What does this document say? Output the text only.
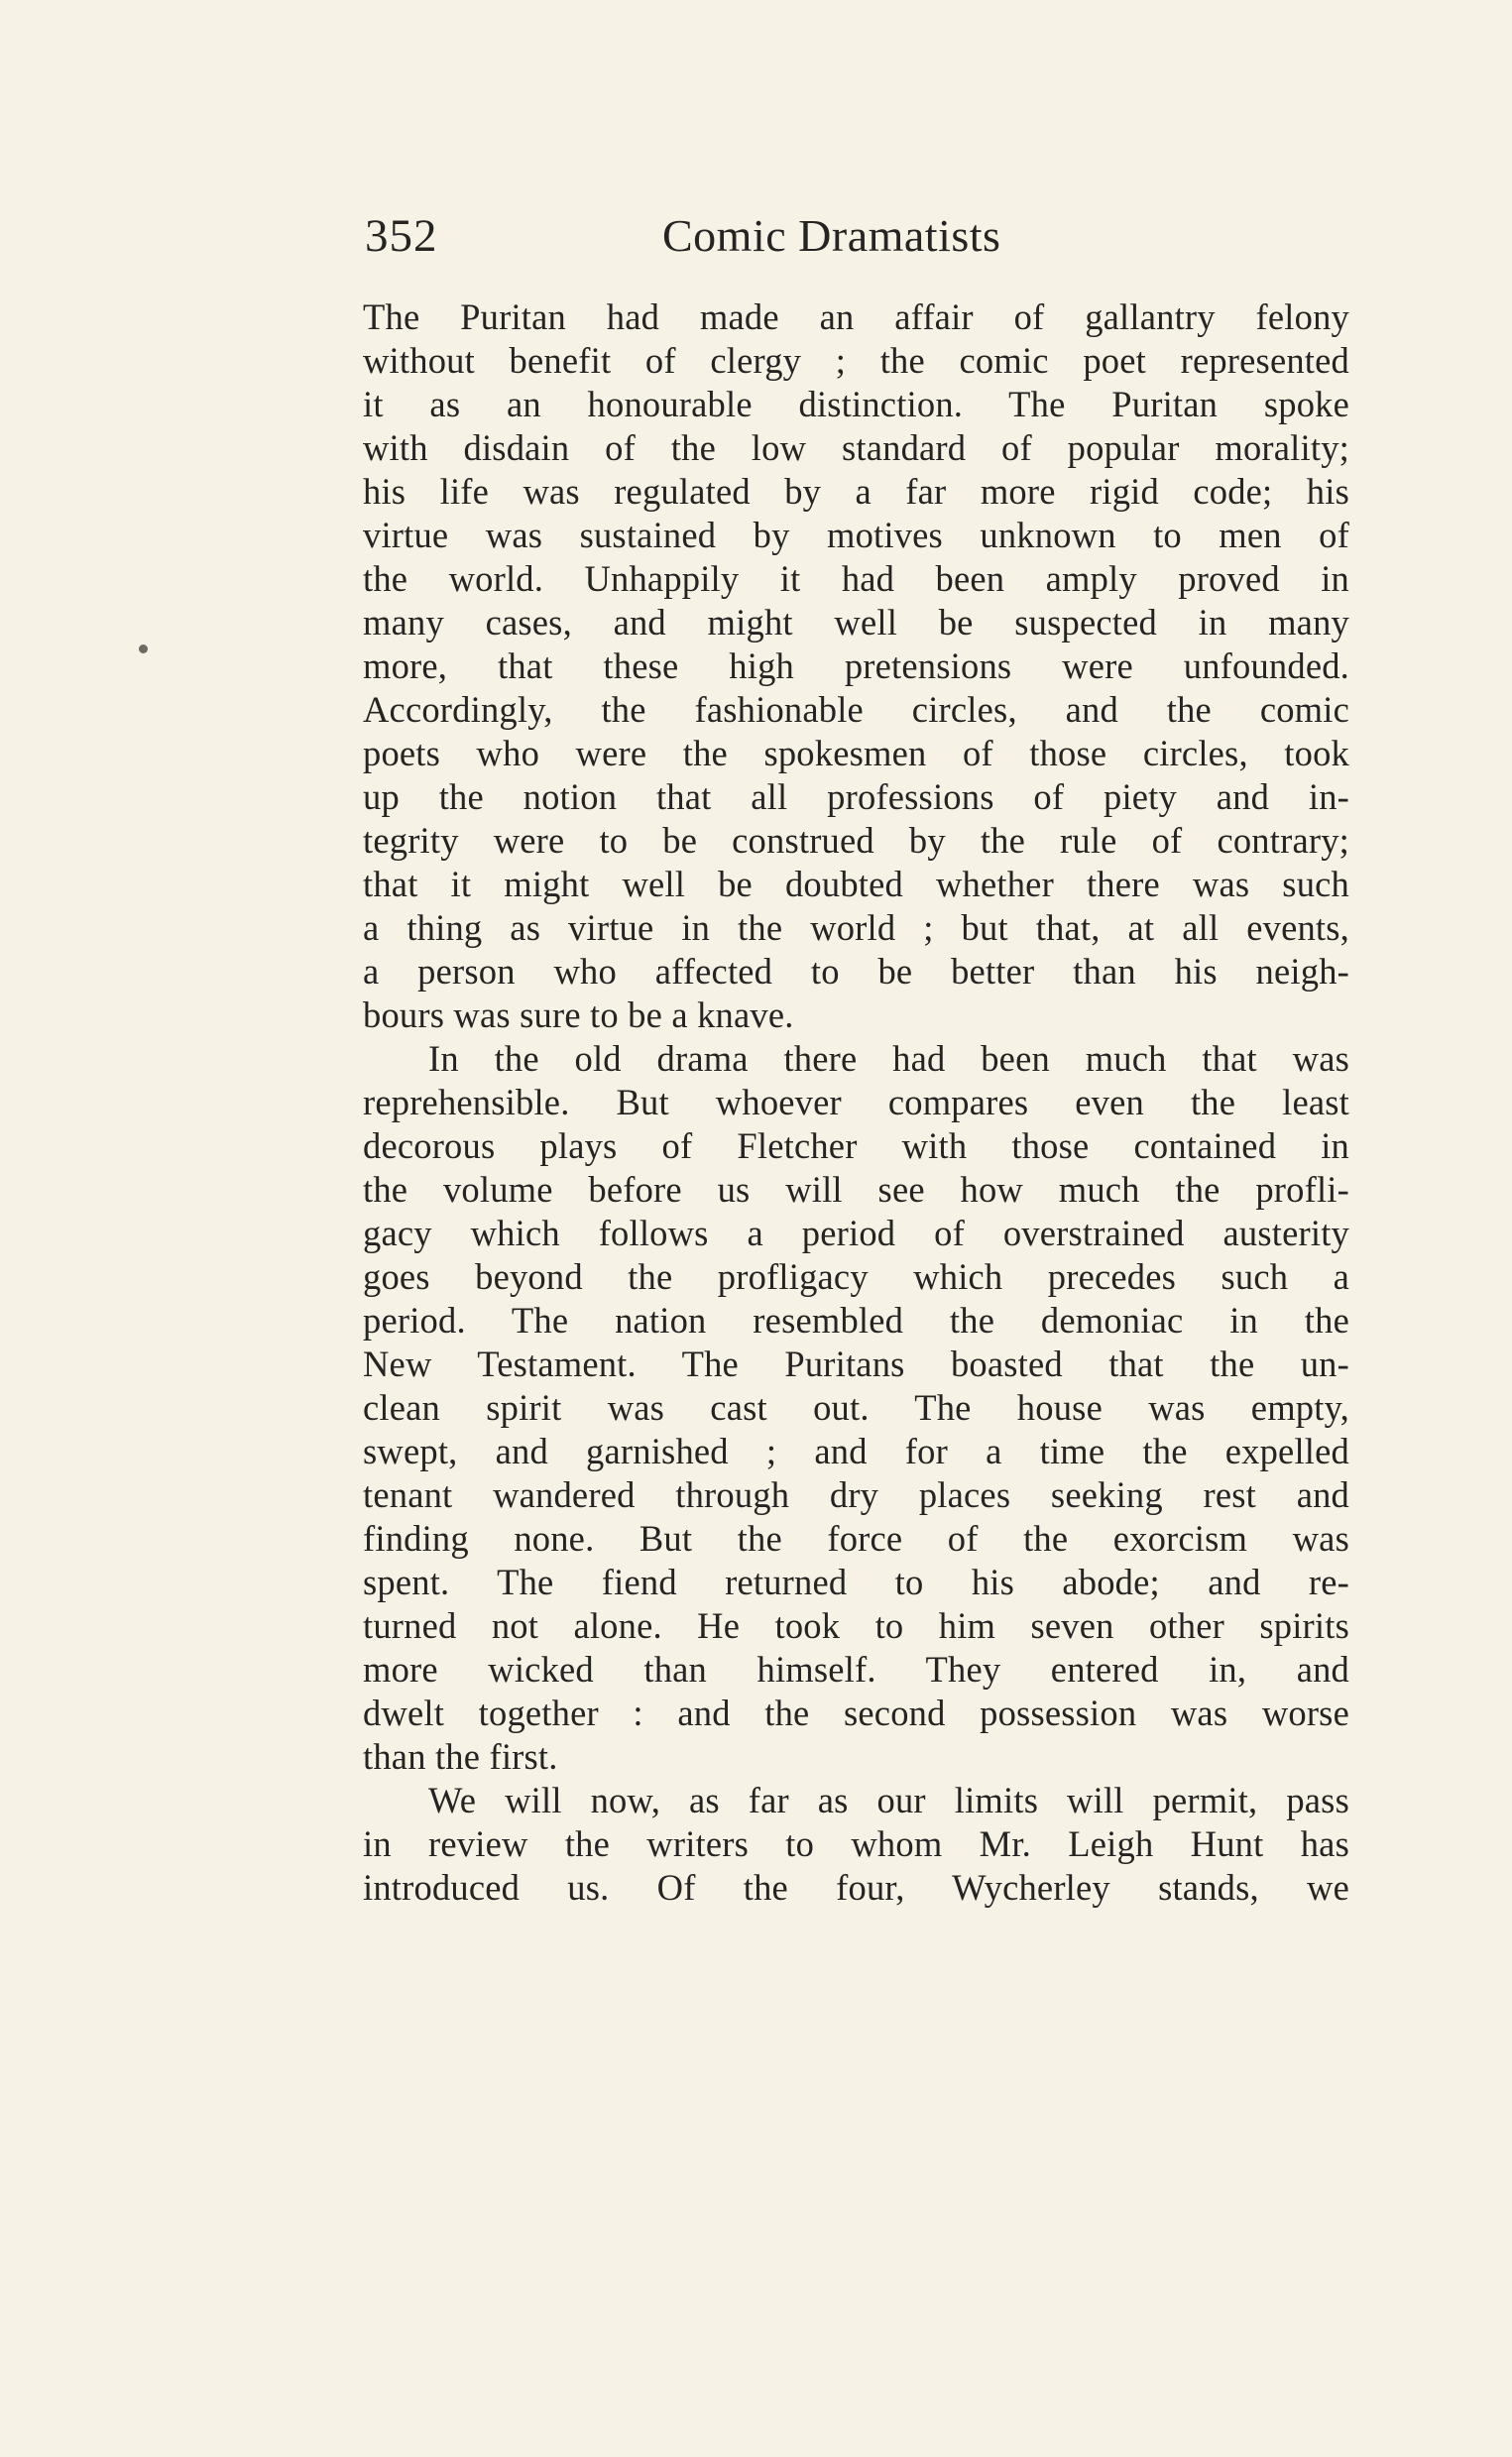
352	Comic Dramatists
The Puritan had made an affair of gallantry felony
without benefit of clergy ; the comic poet represented
it as an honourable distinction. The Puritan spoke
with disdain of the low standard of popular morality;
his life was regulated by a far more rigid code; his
virtue was sustained by motives unknown to men of
the world. Unhappily it had been amply proved in
many cases, and might well be suspected in many
more, that these high pretensions were unfounded.
Accordingly, the fashionable circles, and the comic
poets who were the spokesmen of those circles, took
up the notion that all professions of piety and in-
tegrity were to be construed by the rule of contrary;
that it might well be doubted whether there was such
a thing as virtue in the world ; but that, at all events,
a person who affected to be better than his neigh-
bours was sure to be a knave.
In the old drama there had been much that was
reprehensible. But whoever compares even the least
decorous plays of Fletcher with those contained in
the volume before us will see how much the profli-
gacy which follows a period of overstrained austerity
goes beyond the profligacy which precedes such a
period. The nation resembled the demoniac in the
New Testament. The Puritans boasted that the un-
clean spirit was cast out. The house was empty,
swept, and garnished ; and for a time the expelled
tenant wandered through dry places seeking rest and
finding none. But the force of the exorcism was
spent. The fiend returned to his abode; and re-
turned not alone. He took to him seven other spirits
more wicked than himself. They entered in, and
dwelt together : and the second possession was worse
than the first.
We will now, as far as our limits will permit, pass
in review the writers to whom Mr. Leigh Hunt has
introduced us. Of the four, Wycherley stands, we
